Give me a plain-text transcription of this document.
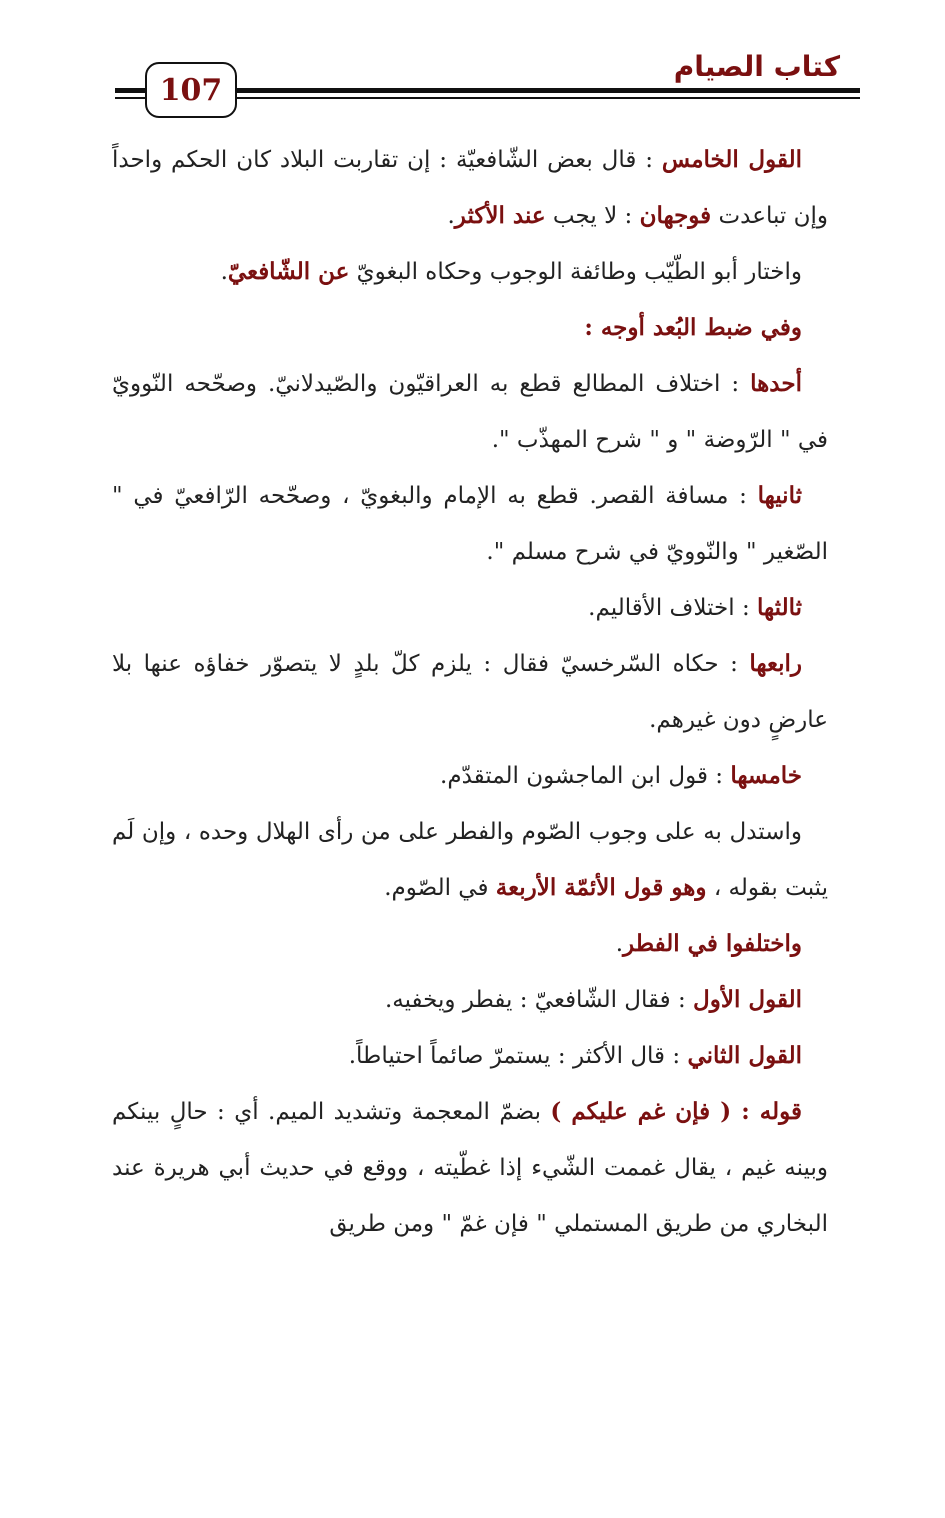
كتاب الصيام
107

القول الخامس : قال بعض الشّافعيّة : إن تقاربت البلاد كان الحكم واحداً وإن تباعدت فوجهان : لا يجب عند الأكثر.

واختار أبو الطّيّب وطائفة الوجوب وحكاه البغويّ عن الشّافعيّ.

وفي ضبط البُعد أوجه :

أحدها : اختلاف المطالع قطع به العراقيّون والصّيدلانيّ. وصحّحه النّوويّ في " الرّوضة " و " شرح المهذّب ".

ثانيها : مسافة القصر. قطع به الإمام والبغويّ ، وصحّحه الرّافعيّ في " الصّغير " والنّوويّ في شرح مسلم ".

ثالثها : اختلاف الأقاليم.

رابعها : حكاه السّرخسيّ فقال : يلزم كلّ بلدٍ لا يتصوّر خفاؤه عنها بلا عارضٍ دون غيرهم.

خامسها : قول ابن الماجشون المتقدّم.

واستدل به على وجوب الصّوم والفطر على من رأى الهلال وحده ، وإن لَم يثبت بقوله ، وهو قول الأئمّة الأربعة في الصّوم.

واختلفوا في الفطر.

القول الأول : فقال الشّافعيّ : يفطر ويخفيه.

القول الثاني : قال الأكثر : يستمرّ صائماً احتياطاً.

قوله : ( فإن غم عليكم ) بضمّ المعجمة وتشديد الميم. أي : حالٍ بينكم وبينه غيم ، يقال غممت الشّيء إذا غطّيته ، ووقع في حديث أبي هريرة عند البخاري من طريق المستملي " فإن غمّ " ومن طريق
